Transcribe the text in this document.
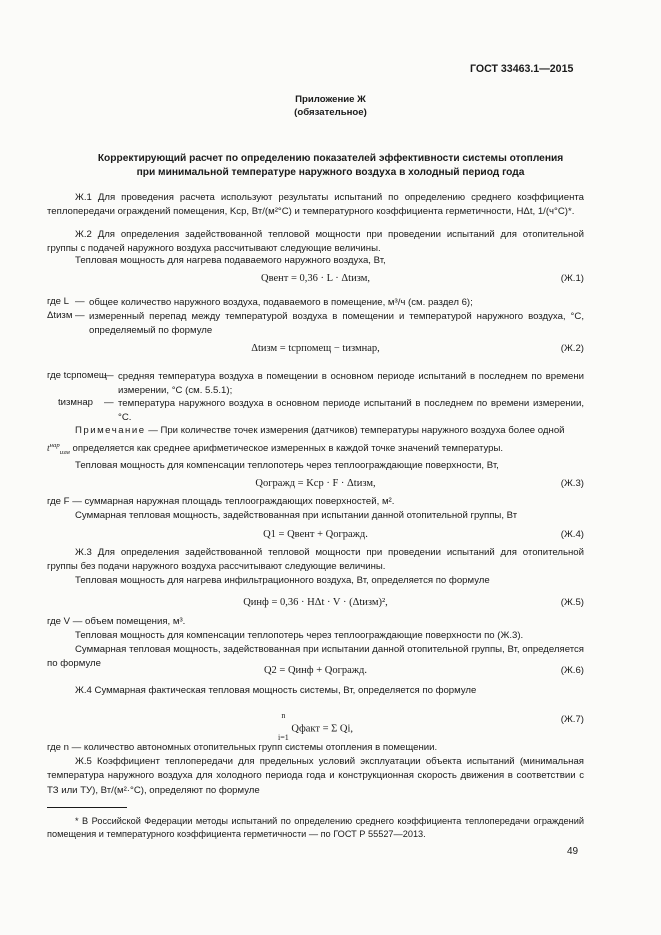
ГОСТ 33463.1—2015
Приложение Ж
(обязательное)
Корректирующий расчет по определению показателей эффективности системы отопления
при минимальной температуре наружного воздуха в холодный период года
Ж.1 Для проведения расчета используют результаты испытаний по определению среднего коэффициента теплопередачи ограждений помещения, Kср, Вт/(м²°С) и температурного коэффициента герметичности, HΔt, 1/(ч°С)*.
Ж.2 Для определения задействованной тепловой мощности при проведении испытаний для отопительной группы с подачей наружного воздуха рассчитывают следующие величины.
Тепловая мощность для нагрева подаваемого наружного воздуха, Вт,
Qвент = 0,36 · L · Δtизм,	(Ж.1)
где L — общее количество наружного воздуха, подаваемого в помещение, м³/ч (см. раздел 6);
Δtизм — измеренный перепад между температурой воздуха в помещении и температурой наружного воздуха, °С, определяемый по формуле
Δtизм = tсрпомещ − tизмнар,	(Ж.2)
где tсрпомещ
— средняя температура воздуха в помещении в основном периоде испытаний в последнем по времени измерении, °С (см. 5.5.1);
tизмнар — температура наружного воздуха в основном периоде испытаний в последнем по времени измерении, °С.
Примечание — При количестве точек измерения (датчиков) температуры наружного воздуха более одной
$t^{нар}_{изм}$ определяется как среднее арифметическое измеренных в каждой точке значений температуры.
Тепловая мощность для компенсации теплопотерь через теплоограждающие поверхности, Вт,
Qогражд = Kср · F · Δtизм,	(Ж.3)
где F — суммарная наружная площадь теплоограждающих поверхностей, м².
Суммарная тепловая мощность, задействованная при испытании данной отопительной группы, Вт
Q1 = Qвент + Qогражд.	(Ж.4)
Ж.3 Для определения задействованной тепловой мощности при проведении испытаний для отопительной группы без подачи наружного воздуха рассчитывают следующие величины.
Тепловая мощность для нагрева инфильтрационного воздуха, Вт, определяется по формуле
Qинф = 0,36 · HΔt · V · (Δtизм)²,	(Ж.5)
где V — объем помещения, м³.
Тепловая мощность для компенсации теплопотерь через теплоограждающие поверхности по (Ж.3).
Суммарная тепловая мощность, задействованная при испытании данной отопительной группы, Вт, определяется по формуле
Q2 = Qинф + Qогражд.	(Ж.6)
Ж.4 Суммарная фактическая тепловая мощность системы, Вт, определяется по формуле
n
i=1
Qфакт = Σ Qi,
(Ж.7)
где n — количество автономных отопительных групп системы отопления в помещении.
Ж.5 Коэффициент теплопередачи для предельных условий эксплуатации объекта испытаний (минимальная температура наружного воздуха для холодного периода года и конструкционная скорость движения в соответствии с ТЗ или ТУ), Вт/(м²·°С), определяют по формуле
* В Российской Федерации методы испытаний по определению среднего коэффициента теплопередачи ограждений помещения и температурного коэффициента герметичности — по ГОСТ Р 55527—2013.
49
